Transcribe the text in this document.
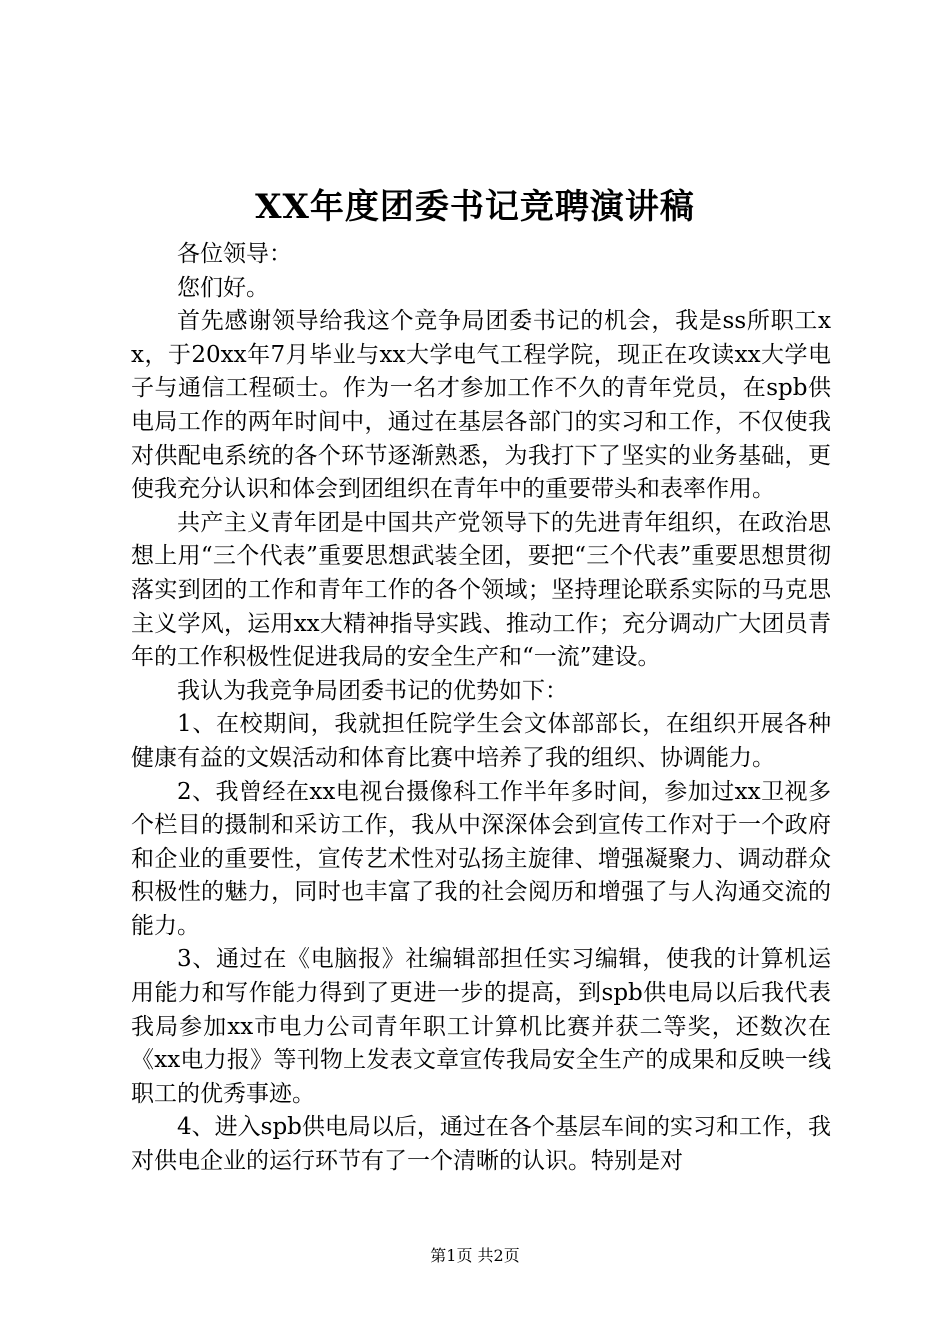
XX年度团委书记竞聘演讲稿

各位领导：

您们好。

首先感谢领导给我这个竞争局团委书记的机会，我是ss所职工xx，于20xx年7月毕业与xx大学电气工程学院，现正在攻读xx大学电子与通信工程硕士。作为一名才参加工作不久的青年党员，在spb供电局工作的两年时间中，通过在基层各部门的实习和工作，不仅使我对供配电系统的各个环节逐渐熟悉，为我打下了坚实的业务基础，更使我充分认识和体会到团组织在青年中的重要带头和表率作用。

共产主义青年团是中国共产党领导下的先进青年组织，在政治思想上用“三个代表”重要思想武装全团，要把“三个代表”重要思想贯彻落实到团的工作和青年工作的各个领域；坚持理论联系实际的马克思主义学风，运用xx大精神指导实践、推动工作；充分调动广大团员青年的工作积极性促进我局的安全生产和“一流”建设。

我认为我竞争局团委书记的优势如下：

1、在校期间，我就担任院学生会文体部部长，在组织开展各种健康有益的文娱活动和体育比赛中培养了我的组织、协调能力。

2、我曾经在xx电视台摄像科工作半年多时间，参加过xx卫视多个栏目的摄制和采访工作，我从中深深体会到宣传工作对于一个政府和企业的重要性，宣传艺术性对弘扬主旋律、增强凝聚力、调动群众积极性的魅力，同时也丰富了我的社会阅历和增强了与人沟通交流的能力。

3、通过在《电脑报》社编辑部担任实习编辑，使我的计算机运用能力和写作能力得到了更进一步的提高，到spb供电局以后我代表我局参加xx市电力公司青年职工计算机比赛并获二等奖，还数次在《xx电力报》等刊物上发表文章宣传我局安全生产的成果和反映一线职工的优秀事迹。

4、进入spb供电局以后，通过在各个基层车间的实习和工作，我对供电企业的运行环节有了一个清晰的认识。特别是对

第1页 共2页
